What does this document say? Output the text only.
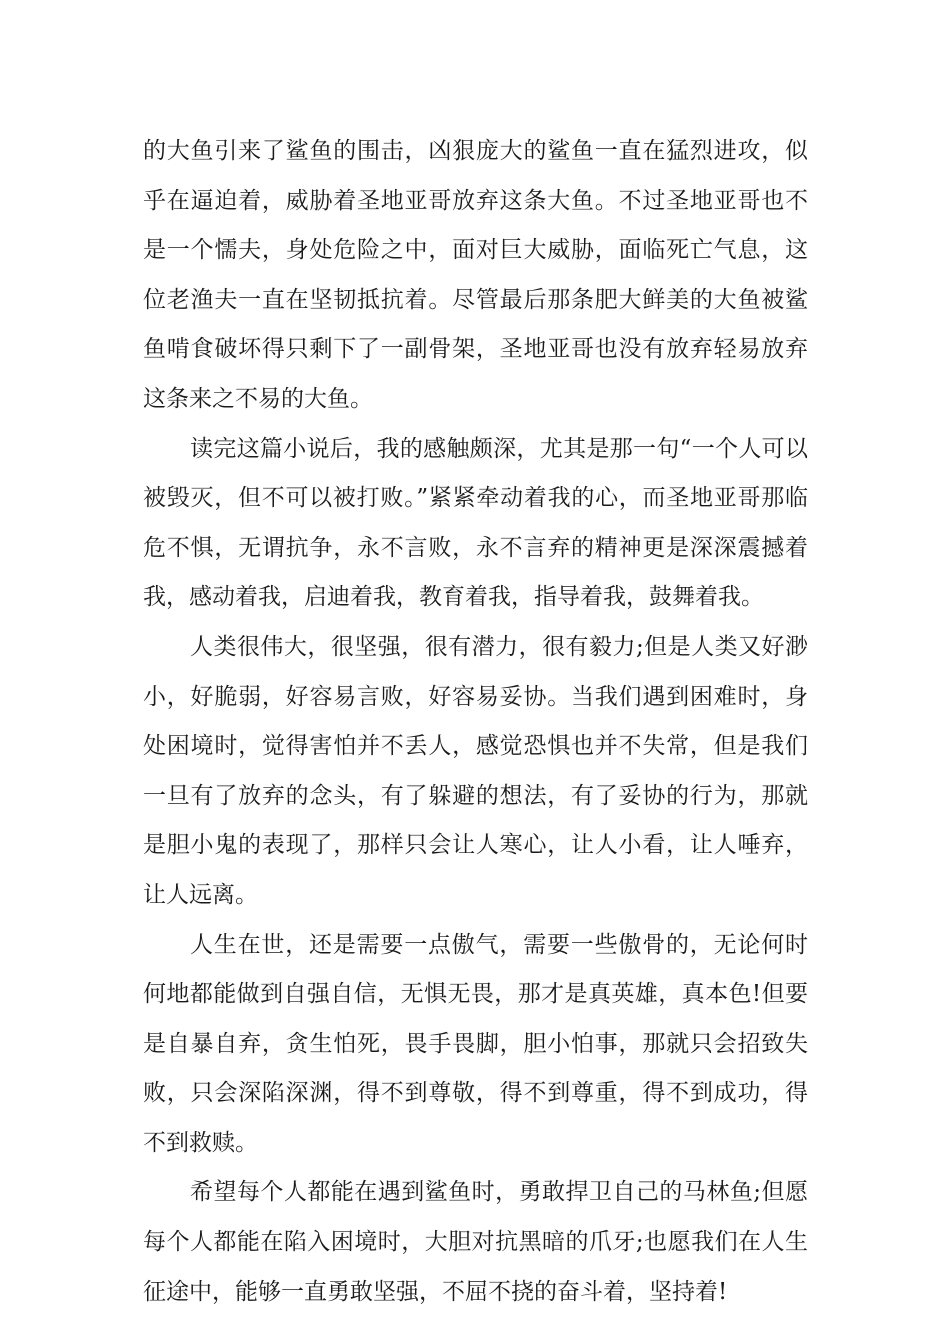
的大鱼引来了鲨鱼的围击，凶狠庞大的鲨鱼一直在猛烈进攻，似乎在逼迫着，威胁着圣地亚哥放弃这条大鱼。不过圣地亚哥也不是一个懦夫，身处危险之中，面对巨大威胁，面临死亡气息，这位老渔夫一直在坚韧抵抗着。尽管最后那条肥大鲜美的大鱼被鲨鱼啃食破坏得只剩下了一副骨架，圣地亚哥也没有放弃轻易放弃这条来之不易的大鱼。

读完这篇小说后，我的感触颇深，尤其是那一句“一个人可以被毁灭，但不可以被打败。”紧紧牵动着我的心，而圣地亚哥那临危不惧，无谓抗争，永不言败，永不言弃的精神更是深深震撼着我，感动着我，启迪着我，教育着我，指导着我，鼓舞着我。

人类很伟大，很坚强，很有潜力，很有毅力;但是人类又好渺小，好脆弱，好容易言败，好容易妥协。当我们遇到困难时，身处困境时，觉得害怕并不丢人，感觉恐惧也并不失常，但是我们一旦有了放弃的念头，有了躲避的想法，有了妥协的行为，那就是胆小鬼的表现了，那样只会让人寒心，让人小看，让人唾弃，让人远离。

人生在世，还是需要一点傲气，需要一些傲骨的，无论何时何地都能做到自强自信，无惧无畏，那才是真英雄，真本色!但要是自暴自弃，贪生怕死，畏手畏脚，胆小怕事，那就只会招致失败，只会深陷深渊，得不到尊敬，得不到尊重，得不到成功，得不到救赎。

希望每个人都能在遇到鲨鱼时，勇敢捍卫自己的马林鱼;但愿每个人都能在陷入困境时，大胆对抗黑暗的爪牙;也愿我们在人生征途中，能够一直勇敢坚强，不屈不挠的奋斗着，坚持着!
